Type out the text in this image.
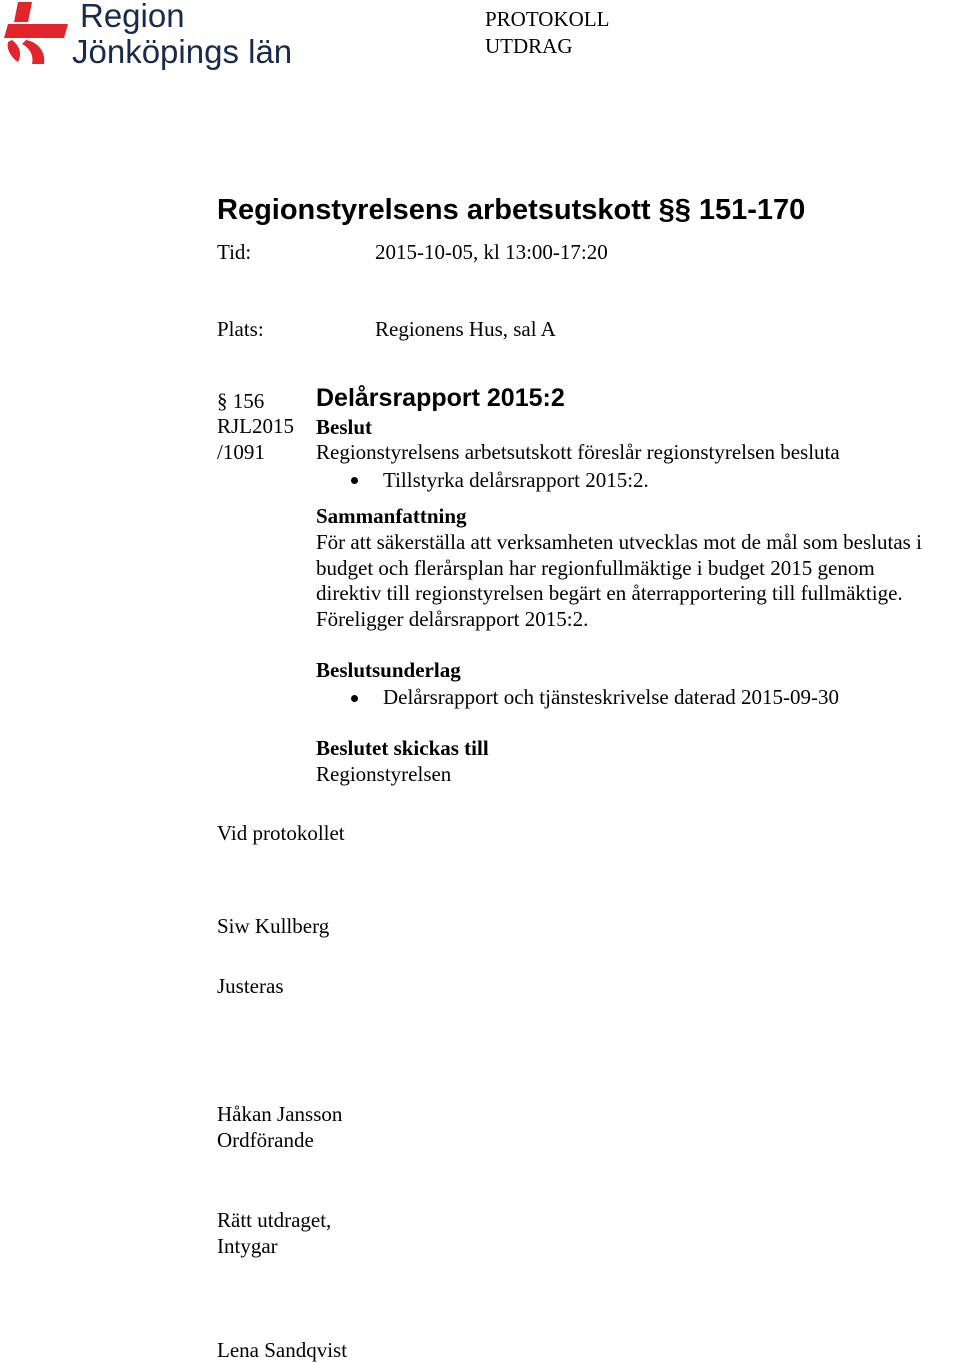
Region
Jönköpings län
PROTOKOLL
UTDRAG
Regionstyrelsens arbetsutskott §§ 151-170
Tid:	2015-10-05, kl 13:00-17:20
Plats:	Regionens Hus, sal A
§ 156
RJL2015
/1091
Delårsrapport 2015:2
Beslut
Regionstyrelsens arbetsutskott föreslår regionstyrelsen besluta
Tillstyrka delårsrapport 2015:2.
Sammanfattning
För att säkerställa att verksamheten utvecklas mot de mål som beslutas i
budget och flerårsplan har regionfullmäktige i budget 2015 genom
direktiv till regionstyrelsen begärt en återrapportering till fullmäktige.
Föreligger delårsrapport 2015:2.
Beslutsunderlag
Delårsrapport och tjänsteskrivelse daterad 2015-09-30
Beslutet skickas till
Regionstyrelsen
Vid protokollet
Siw Kullberg
Justeras
Håkan Jansson
Ordförande
Rätt utdraget,
Intygar
Lena Sandqvist
